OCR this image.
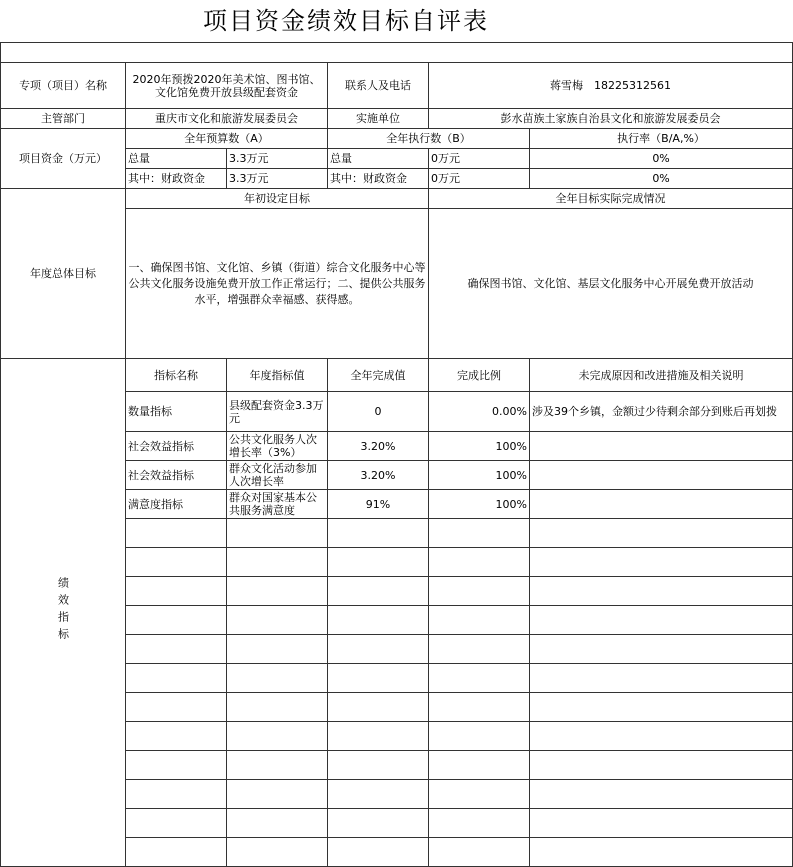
项目资金绩效目标自评表

专项（项目）名称	2020年预拨2020年美术馆、图书馆、文化馆免费开放县级配套资金		联系人及电话	蒋雪梅　18225312561	
主管部门	重庆市文化和旅游发展委员会		实施单位	彭水苗族土家族自治县文化和旅游发展委员会	
项目资金（万元）	全年预算数（A）		全年执行数（B）		执行率（B/A,%）
	总量	3.3万元	总量	0万元	0%
	其中：财政资金	3.3万元	其中：财政资金	0万元	0%
年度总体目标	年初设定目标			全年目标实际完成情况	
	一、确保图书馆、文化馆、乡镇（街道）综合文化服务中心等公共文化服务设施免费开放工作正常运行；二、提供公共服务水平，增强群众幸福感、获得感。			确保图书馆、文化馆、基层文化服务中心开展免费开放活动	
绩效指标	指标名称	年度指标值	全年完成值	完成比例	未完成原因和改进措施及相关说明
	数量指标	县级配套资金3.3万元	0	0.00%	涉及39个乡镇，金额过少待剩余部分到账后再划拨
	社会效益指标	公共文化服务人次增长率（3%）	3.20%	100%	
	社会效益指标	群众文化活动参加人次增长率	3.20%	100%	
	满意度指标	群众对国家基本公共服务满意度	91%	100%	
